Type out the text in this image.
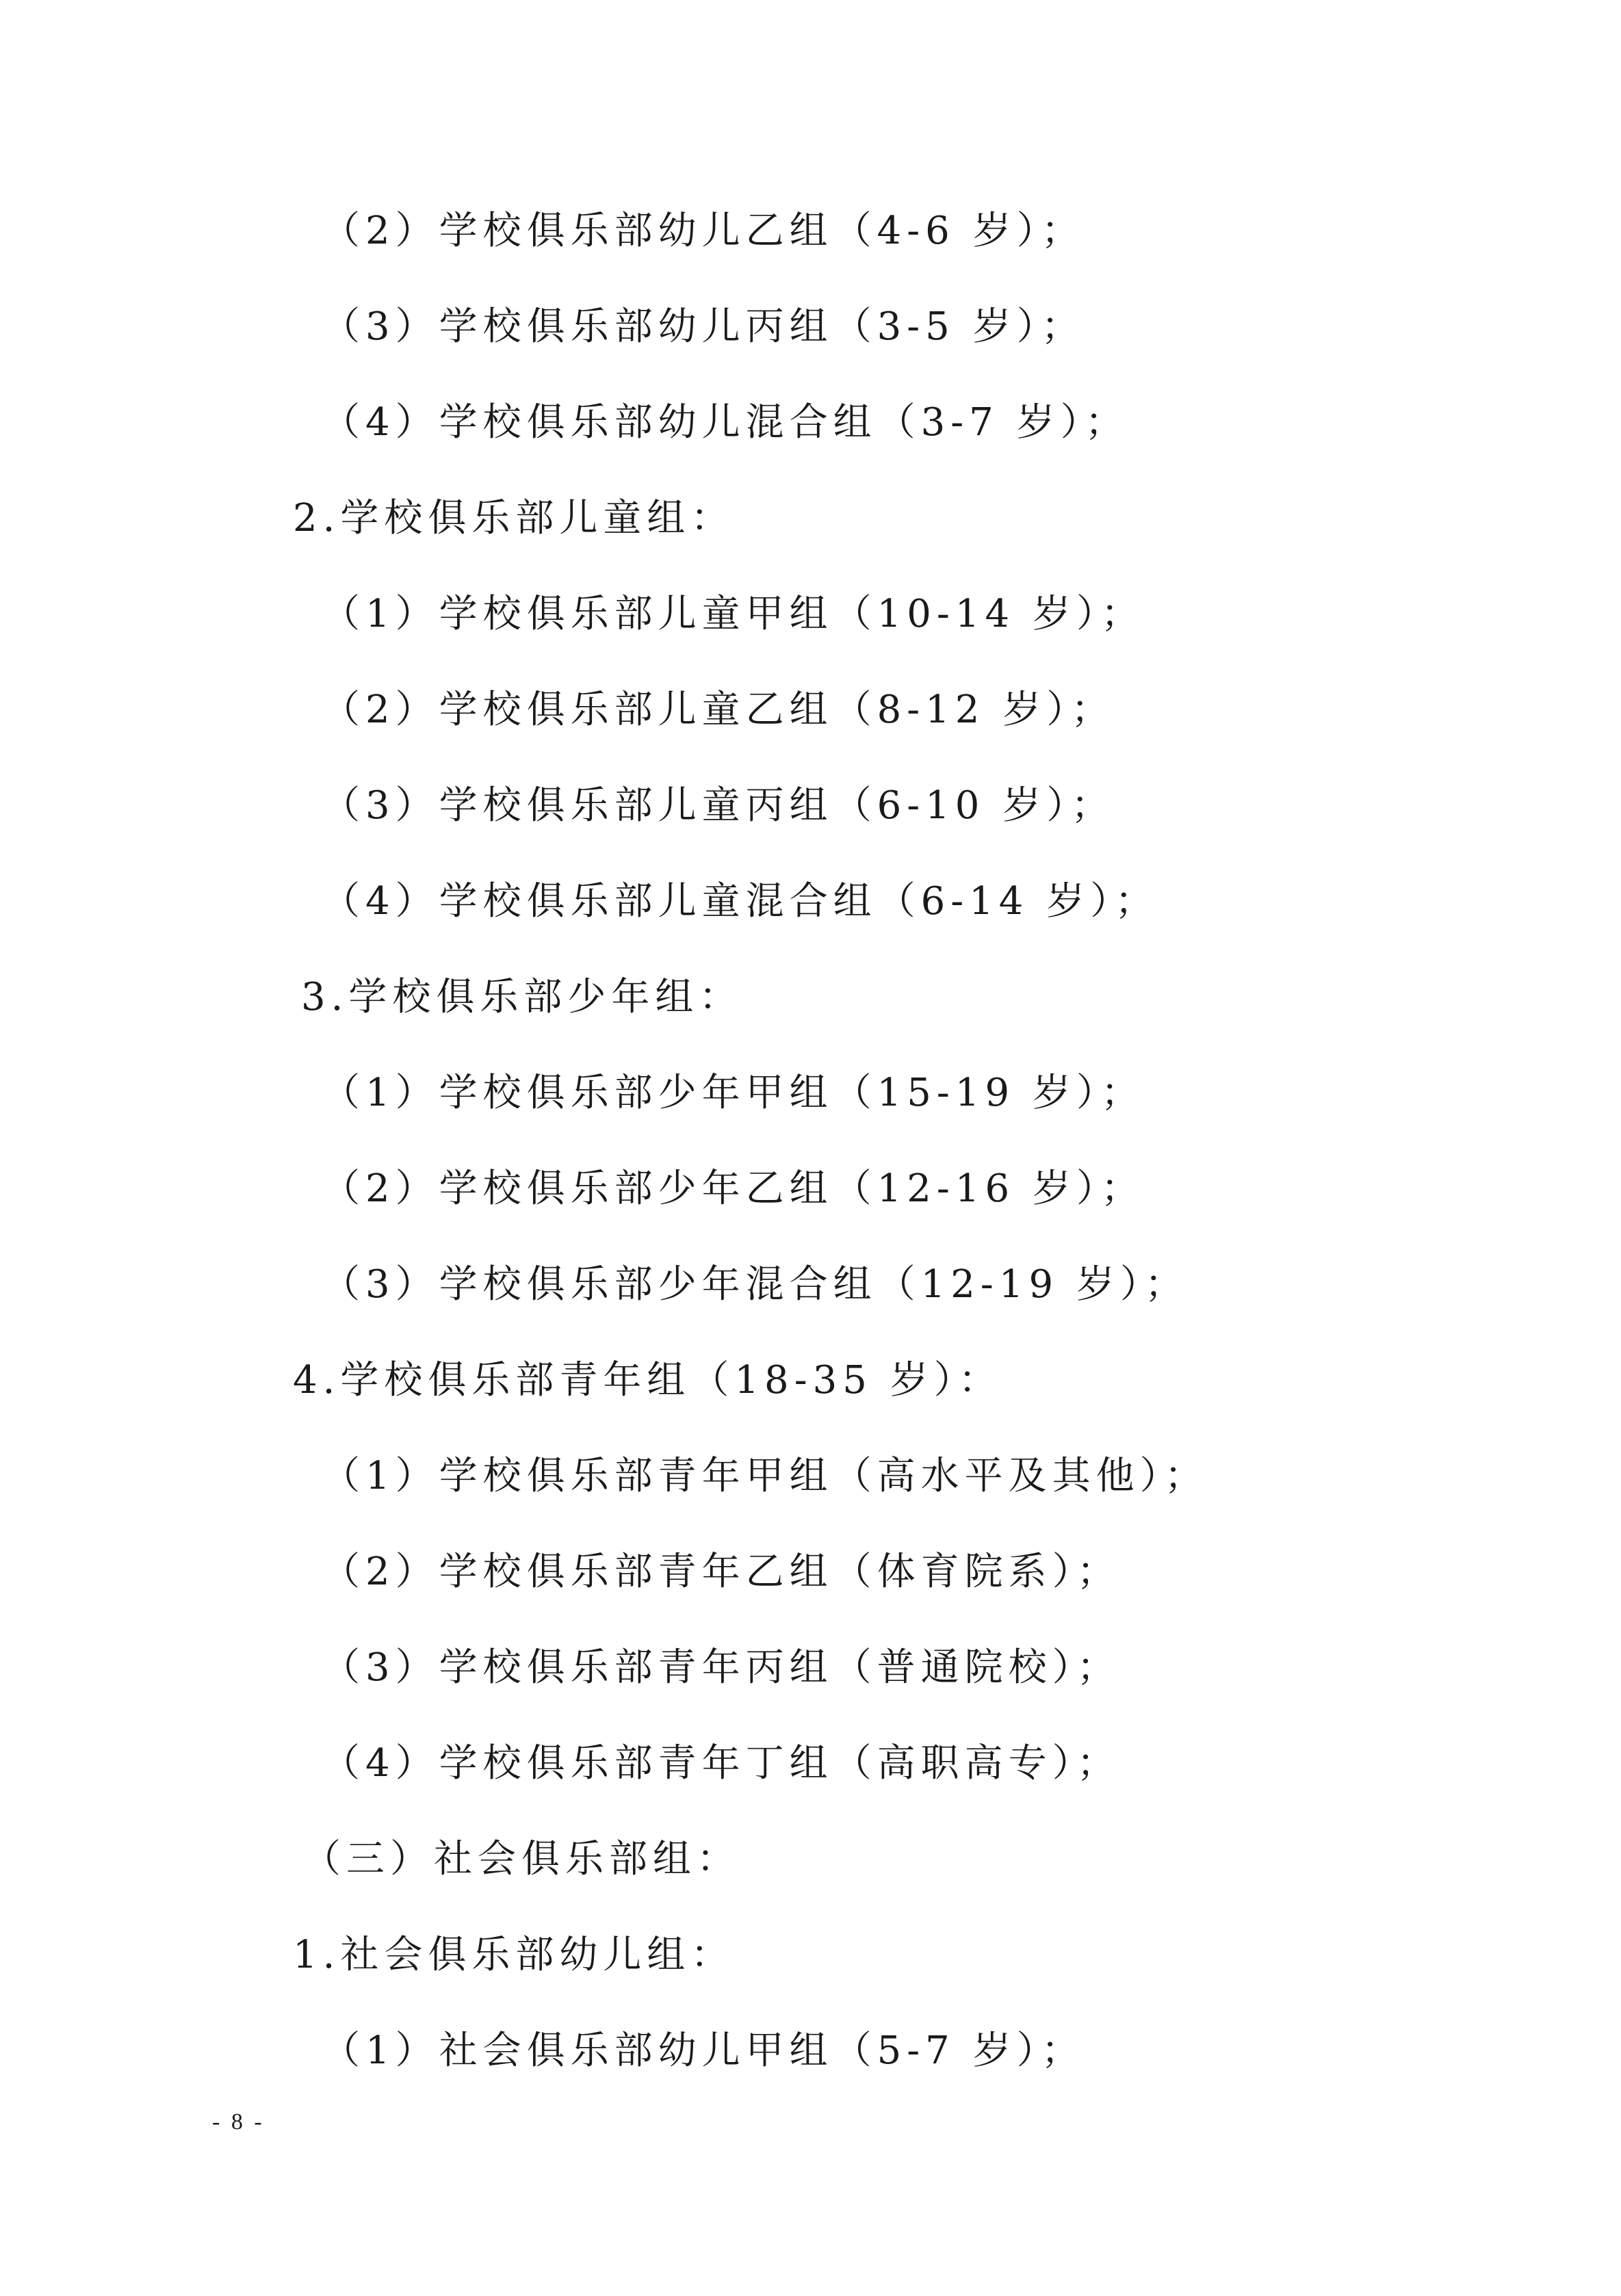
（2）学校俱乐部幼儿乙组（4-6 岁）；
（3）学校俱乐部幼儿丙组（3-5 岁）；
（4）学校俱乐部幼儿混合组（3-7 岁）；
2.学校俱乐部儿童组：
（1）学校俱乐部儿童甲组（10-14 岁）；
（2）学校俱乐部儿童乙组（8-12 岁）；
（3）学校俱乐部儿童丙组（6-10 岁）；
（4）学校俱乐部儿童混合组（6-14 岁）；
3.学校俱乐部少年组：
（1）学校俱乐部少年甲组（15-19 岁）；
（2）学校俱乐部少年乙组（12-16 岁）；
（3）学校俱乐部少年混合组（12-19 岁）；
4.学校俱乐部青年组（18-35 岁）：
（1）学校俱乐部青年甲组（高水平及其他）；
（2）学校俱乐部青年乙组（体育院系）；
（3）学校俱乐部青年丙组（普通院校）；
（4）学校俱乐部青年丁组（高职高专）；
（三）社会俱乐部组：
1.社会俱乐部幼儿组：
（1）社会俱乐部幼儿甲组（5-7 岁）；
- 8 -
